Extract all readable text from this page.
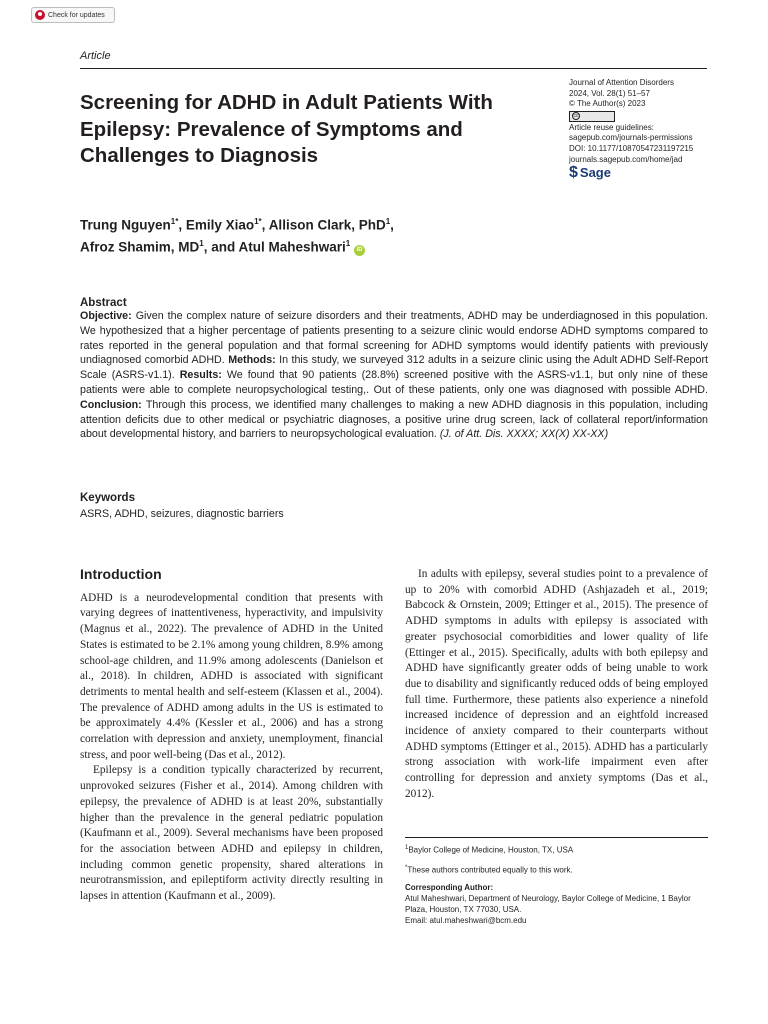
Check for updates
Article
Screening for ADHD in Adult Patients With Epilepsy: Prevalence of Symptoms and Challenges to Diagnosis
Journal of Attention Disorders
2024, Vol. 28(1) 51–57
© The Author(s) 2023
cc
Article reuse guidelines:
sagepub.com/journals-permissions
DOI: 10.1177/10870547231197215
journals.sagepub.com/home/jad
$ Sage
Trung Nguyen$^{1*}$, Emily Xiao$^{1*}$, Allison Clark, PhD$^1$,
Afroz Shamim, $MD^1$, and Atul Maheshwari$^1$ iD
Abstract

Objective: Given the complex nature of seizure disorders and their treatments, ADHD may be underdiagnosed in this population. We hypothesized that a higher percentage of patients presenting to a seizure clinic would endorse ADHD symptoms compared to rates reported in the general population and that formal screening for ADHD symptoms would identify patients with previously undiagnosed comorbid ADHD. Methods: In this study, we surveyed 312 adults in a seizure clinic using the Adult ADHD Self-Report Scale (ASRS-v1.1). Results: We found that 90 patients (28.8%) screened positive with the ASRS-v1.1, but only nine of these patients were able to complete neuropsychological testing,. Out of these patients, only one was diagnosed with possible ADHD. Conclusion: Through this process, we identified many challenges to making a new ADHD diagnosis in this population, including attention deficits due to other medical or psychiatric diagnoses, a positive urine drug screen, lack of collateral report/information about developmental history, and barriers to neuropsychological evaluation. (J. of Att. Dis. XXXX; XX(X) XX-XX)

Keywords
ASRS, ADHD, seizures, diagnostic barriers
Introduction

ADHD is a neurodevelopmental condition that presents with varying degrees of inattentiveness, hyperactivity, and impulsivity (Magnus et al., 2022). The prevalence of ADHD in the United States is estimated to be 2.1% among young children, 8.9% among school-age children, and 11.9% among adolescents (Danielson et al., 2018). In children, ADHD is associated with significant detriments to mental health and self-esteem (Klassen et al., 2004). The prevalence of ADHD among adults in the US is estimated to be approximately 4.4% (Kessler et al., 2006) and has a strong correlation with depression and anxiety, unemployment, financial stress, and poor well-being (Das et al., 2012).

Epilepsy is a condition typically characterized by recurrent, unprovoked seizures (Fisher et al., 2014). Among children with epilepsy, the prevalence of ADHD is at least 20%, substantially higher than the prevalence in the general pediatric population (Kaufmann et al., 2009). Several mechanisms have been proposed for the association between ADHD and epilepsy in children, including common genetic propensity, shared alterations in neurotransmission, and epileptiform activity directly resulting in lapses in attention (Kaufmann et al., 2009).

In adults with epilepsy, several studies point to a prevalence of up to 20% with comorbid ADHD (Ashjazadeh et al., 2019; Babcock & Ornstein, 2009; Ettinger et al., 2015). The presence of ADHD symptoms in adults with epilepsy is associated with greater psychosocial comorbidities and lower quality of life (Ettinger et al., 2015). Specifically, adults with both epilepsy and ADHD have significantly greater odds of being unable to work due to disability and significantly reduced odds of being employed full time. Furthermore, these patients also experience a ninefold increased incidence of depression and an eightfold increased incidence of anxiety compared to their counterparts without ADHD symptoms (Ettinger et al., 2015). ADHD has a particularly strong association with work-life impairment even after controlling for depression and anxiety symptoms (Das et al., 2012).

$^1$Baylor College of Medicine, Houston, TX, USA

*These authors contributed equally to this work.

Corresponding Author:

Atul Maheshwari, Department of Neurology, Baylor College of Medicine, 1 Baylor Plaza, Houston, TX 77030, USA.
Email: atul.maheshwari@bcm.edu
